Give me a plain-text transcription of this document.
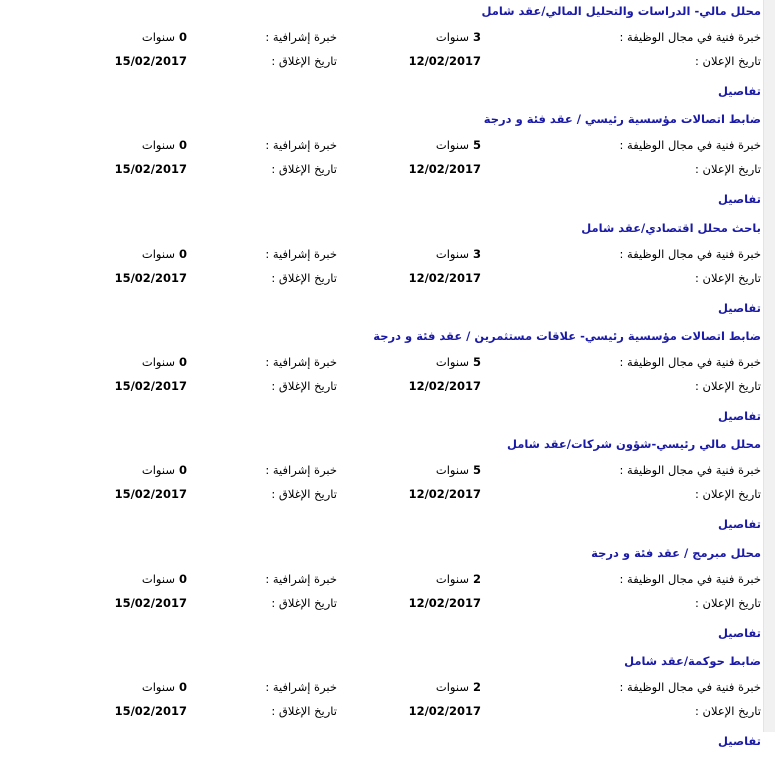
محلل مالي- الدراسات والتحليل المالي/عقد شامل
خبرة فنية في مجال الوظيفة :
3 سنوات
خبرة إشرافية :
0 سنوات
تاريخ الإعلان :
12/02/2017
تاريخ الإغلاق :
15/02/2017
تفاصيل
ضابط اتصالات مؤسسية رئيسي / عقد فئة و درجة
خبرة فنية في مجال الوظيفة :
5 سنوات
خبرة إشرافية :
0 سنوات
تاريخ الإعلان :
12/02/2017
تاريخ الإغلاق :
15/02/2017
تفاصيل
باحث محلل اقتصادي/عقد شامل
خبرة فنية في مجال الوظيفة :
3 سنوات
خبرة إشرافية :
0 سنوات
تاريخ الإعلان :
12/02/2017
تاريخ الإغلاق :
15/02/2017
تفاصيل
ضابط اتصالات مؤسسية رئيسي- علاقات مستثمرين / عقد فئة و درجة
خبرة فنية في مجال الوظيفة :
5 سنوات
خبرة إشرافية :
0 سنوات
تاريخ الإعلان :
12/02/2017
تاريخ الإغلاق :
15/02/2017
تفاصيل
محلل مالي رئيسي-شؤون شركات/عقد شامل
خبرة فنية في مجال الوظيفة :
5 سنوات
خبرة إشرافية :
0 سنوات
تاريخ الإعلان :
12/02/2017
تاريخ الإغلاق :
15/02/2017
تفاصيل
محلل مبرمج / عقد فئة و درجة
خبرة فنية في مجال الوظيفة :
2 سنوات
خبرة إشرافية :
0 سنوات
تاريخ الإعلان :
12/02/2017
تاريخ الإغلاق :
15/02/2017
تفاصيل
ضابط حوكمة/عقد شامل
خبرة فنية في مجال الوظيفة :
2 سنوات
خبرة إشرافية :
0 سنوات
تاريخ الإعلان :
12/02/2017
تاريخ الإغلاق :
15/02/2017
تفاصيل
